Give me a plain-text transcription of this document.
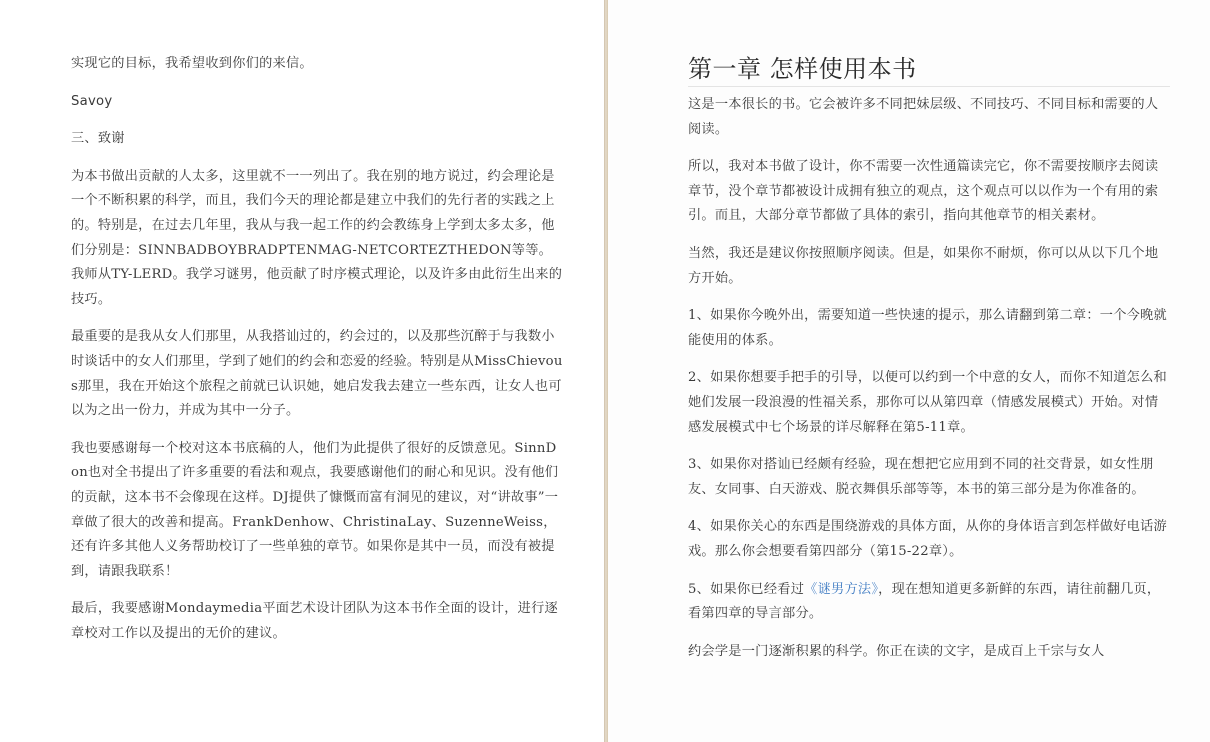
实现它的目标，我希望收到你们的来信。

Savoy

三、致谢

为本书做出贡献的人太多，这里就不一一列出了。我在别的地方说过，约会理论是一个不断积累的科学，而且，我们今天的理论都是建立中我们的先行者的实践之上的。特别是，在过去几年里，我从与我一起工作的约会教练身上学到太多太多，他们分别是：SINNBADBOYBRADPTENMAG-NETCORTEZTHEDON等等。我师从TY-LERD。我学习谜男，他贡献了时序模式理论，以及许多由此衍生出来的技巧。

最重要的是我从女人们那里，从我搭讪过的，约会过的，以及那些沉醉于与我数小时谈话中的女人们那里，学到了她们的约会和恋爱的经验。特别是从MissChievous那里，我在开始这个旅程之前就已认识她，她启发我去建立一些东西，让女人也可以为之出一份力，并成为其中一分子。

我也要感谢每一个校对这本书底稿的人，他们为此提供了很好的反馈意见。SinnDon也对全书提出了许多重要的看法和观点，我要感谢他们的耐心和见识。没有他们的贡献，这本书不会像现在这样。DJ提供了慷慨而富有洞见的建议，对“讲故事”一章做了很大的改善和提高。FrankDenhow、ChristinaLay、SuzenneWeiss，还有许多其他人义务帮助校订了一些单独的章节。如果你是其中一员，而没有被提到，请跟我联系！

最后，我要感谢Mondaymedia平面艺术设计团队为这本书作全面的设计，进行逐章校对工作以及提出的无价的建议。

第一章 怎样使用本书

这是一本很长的书。它会被许多不同把妹层级、不同技巧、不同目标和需要的人阅读。

所以，我对本书做了设计，你不需要一次性通篇读完它，你不需要按顺序去阅读章节，没个章节都被设计成拥有独立的观点，这个观点可以以作为一个有用的索引。而且，大部分章节都做了具体的索引，指向其他章节的相关素材。

当然，我还是建议你按照顺序阅读。但是，如果你不耐烦，你可以从以下几个地方开始。

1、如果你今晚外出，需要知道一些快速的提示，那么请翻到第二章：一个今晚就能使用的体系。

2、如果你想要手把手的引导，以便可以约到一个中意的女人，而你不知道怎么和她们发展一段浪漫的性福关系，那你可以从第四章（情感发展模式）开始。对情感发展模式中七个场景的详尽解释在第5-11章。

3、如果你对搭讪已经颇有经验，现在想把它应用到不同的社交背景，如女性朋友、女同事、白天游戏、脱衣舞俱乐部等等，本书的第三部分是为你准备的。

4、如果你关心的东西是围绕游戏的具体方面，从你的身体语言到怎样做好电话游戏。那么你会想要看第四部分（第15-22章）。

5、如果你已经看过《谜男方法》，现在想知道更多新鲜的东西，请往前翻几页，看第四章的导言部分。

约会学是一门逐渐积累的科学。你正在读的文字，是成百上千宗与女人
